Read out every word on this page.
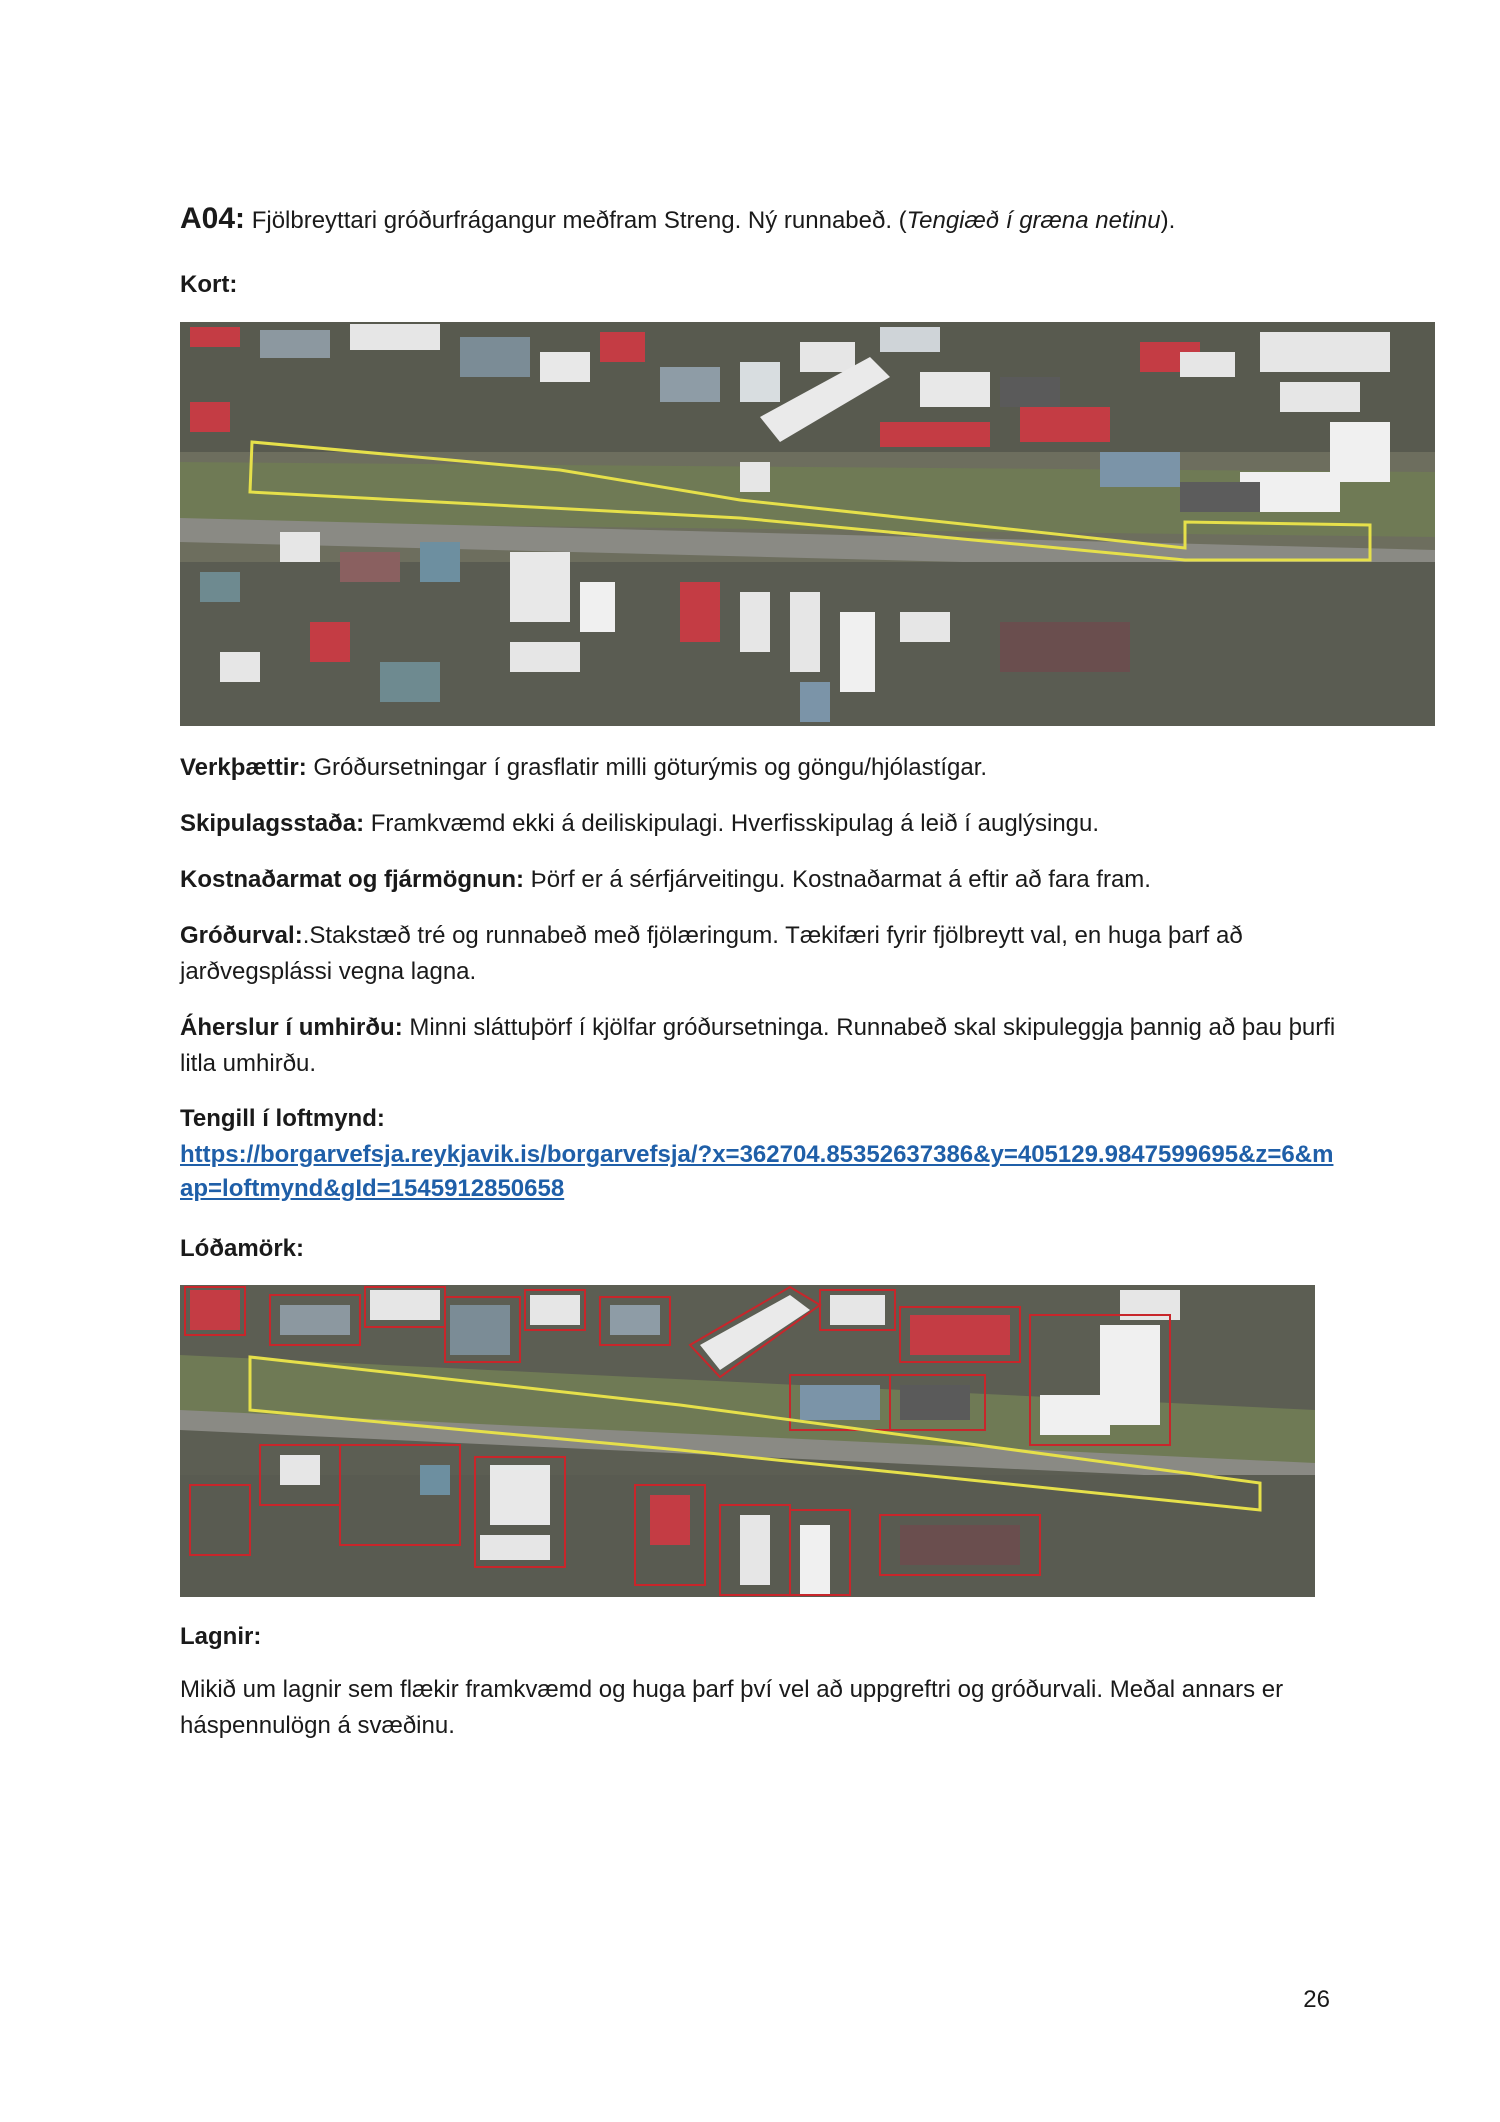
A04: Fjölbreyttari gróðurfrágangur meðfram Streng. Ný runnabeð. (Tengiæð í græna netinu).
Kort:

Verkþættir: Gróðursetningar í grasflatir milli göturýmis og göngu/hjólastígar.

Skipulagsstaða: Framkvæmd ekki á deiliskipulagi. Hverfisskipulag á leið í auglýsingu.

Kostnaðarmat og fjármögnun: Þörf er á sérfjárveitingu. Kostnaðarmat á eftir að fara fram.

Gróðurval:.Stakstæð tré og runnabeð með fjölæringum. Tækifæri fyrir fjölbreytt val, en huga þarf að jarðvegsplássi vegna lagna.

Áherslur í umhirðu: Minni sláttuþörf í kjölfar gróðursetninga. Runnabeð skal skipuleggja þannig að þau þurfi litla umhirðu.

Tengill í loftmynd:
https://borgarvefsja.reykjavik.is/borgarvefsja/?x=362704.85352637386&y=405129.9847599695&z=6&map=loftmynd&gId=1545912850658
Lóðamörk:
Lagnir:

Mikið um lagnir sem flækir framkvæmd og huga þarf því vel að uppgreftri og gróðurvali. Meðal annars er háspennulögn á svæðinu.

26
